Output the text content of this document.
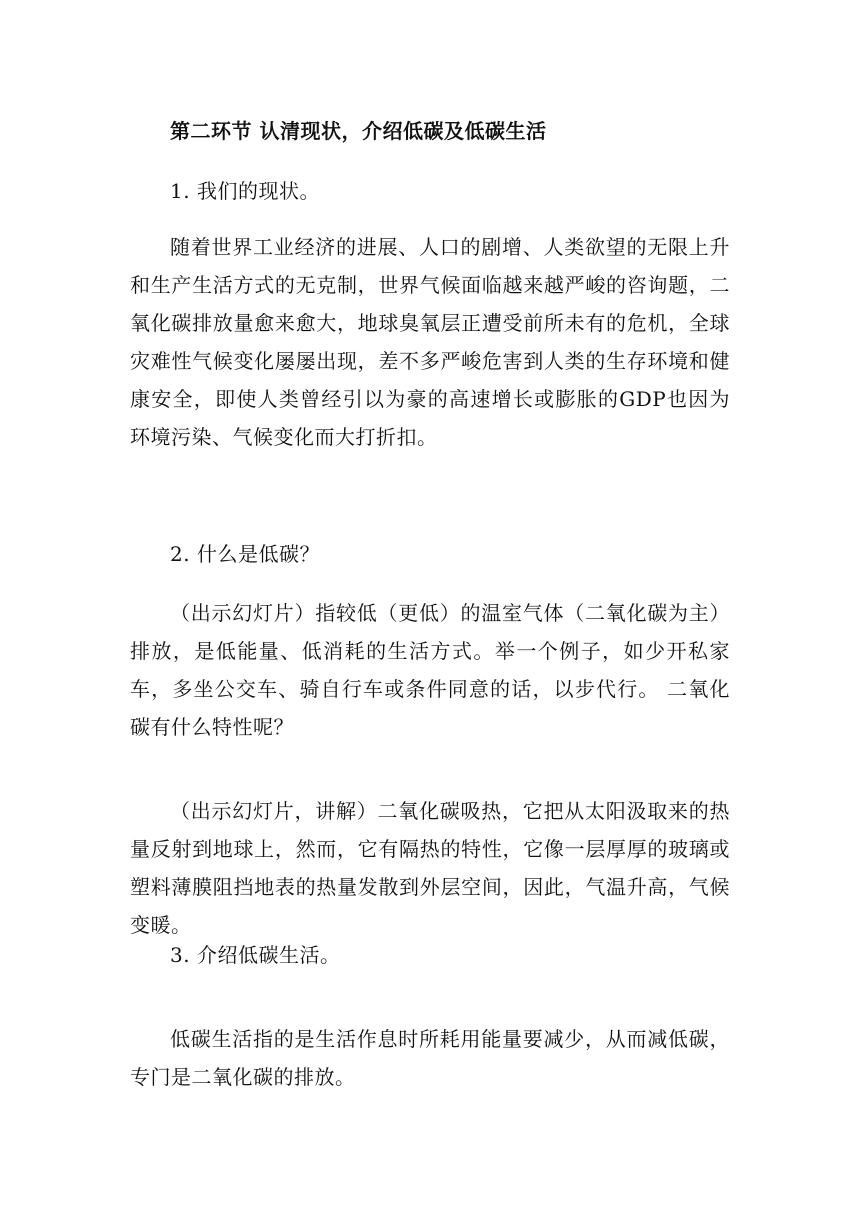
第二环节 认清现状，介绍低碳及低碳生活

1. 我们的现状。

随着世界工业经济的进展、人口的剧增、人类欲望的无限上升和生产生活方式的无克制，世界气候面临越来越严峻的咨询题，二氧化碳排放量愈来愈大，地球臭氧层正遭受前所未有的危机，全球灾难性气候变化屡屡出现，差不多严峻危害到人类的生存环境和健康安全，即使人类曾经引以为豪的高速增长或膨胀的GDP也因为环境污染、气候变化而大打折扣。

2. 什么是低碳？

（出示幻灯片）指较低（更低）的温室气体（二氧化碳为主）排放，是低能量、低消耗的生活方式。举一个例子，如少开私家车，多坐公交车、骑自行车或条件同意的话，以步代行。 二氧化碳有什么特性呢？

（出示幻灯片，讲解）二氧化碳吸热，它把从太阳汲取来的热量反射到地球上，然而，它有隔热的特性，它像一层厚厚的玻璃或塑料薄膜阻挡地表的热量发散到外层空间，因此，气温升高，气候变暖。

3. 介绍低碳生活。

低碳生活指的是生活作息时所耗用能量要减少，从而减低碳，专门是二氧化碳的排放。
